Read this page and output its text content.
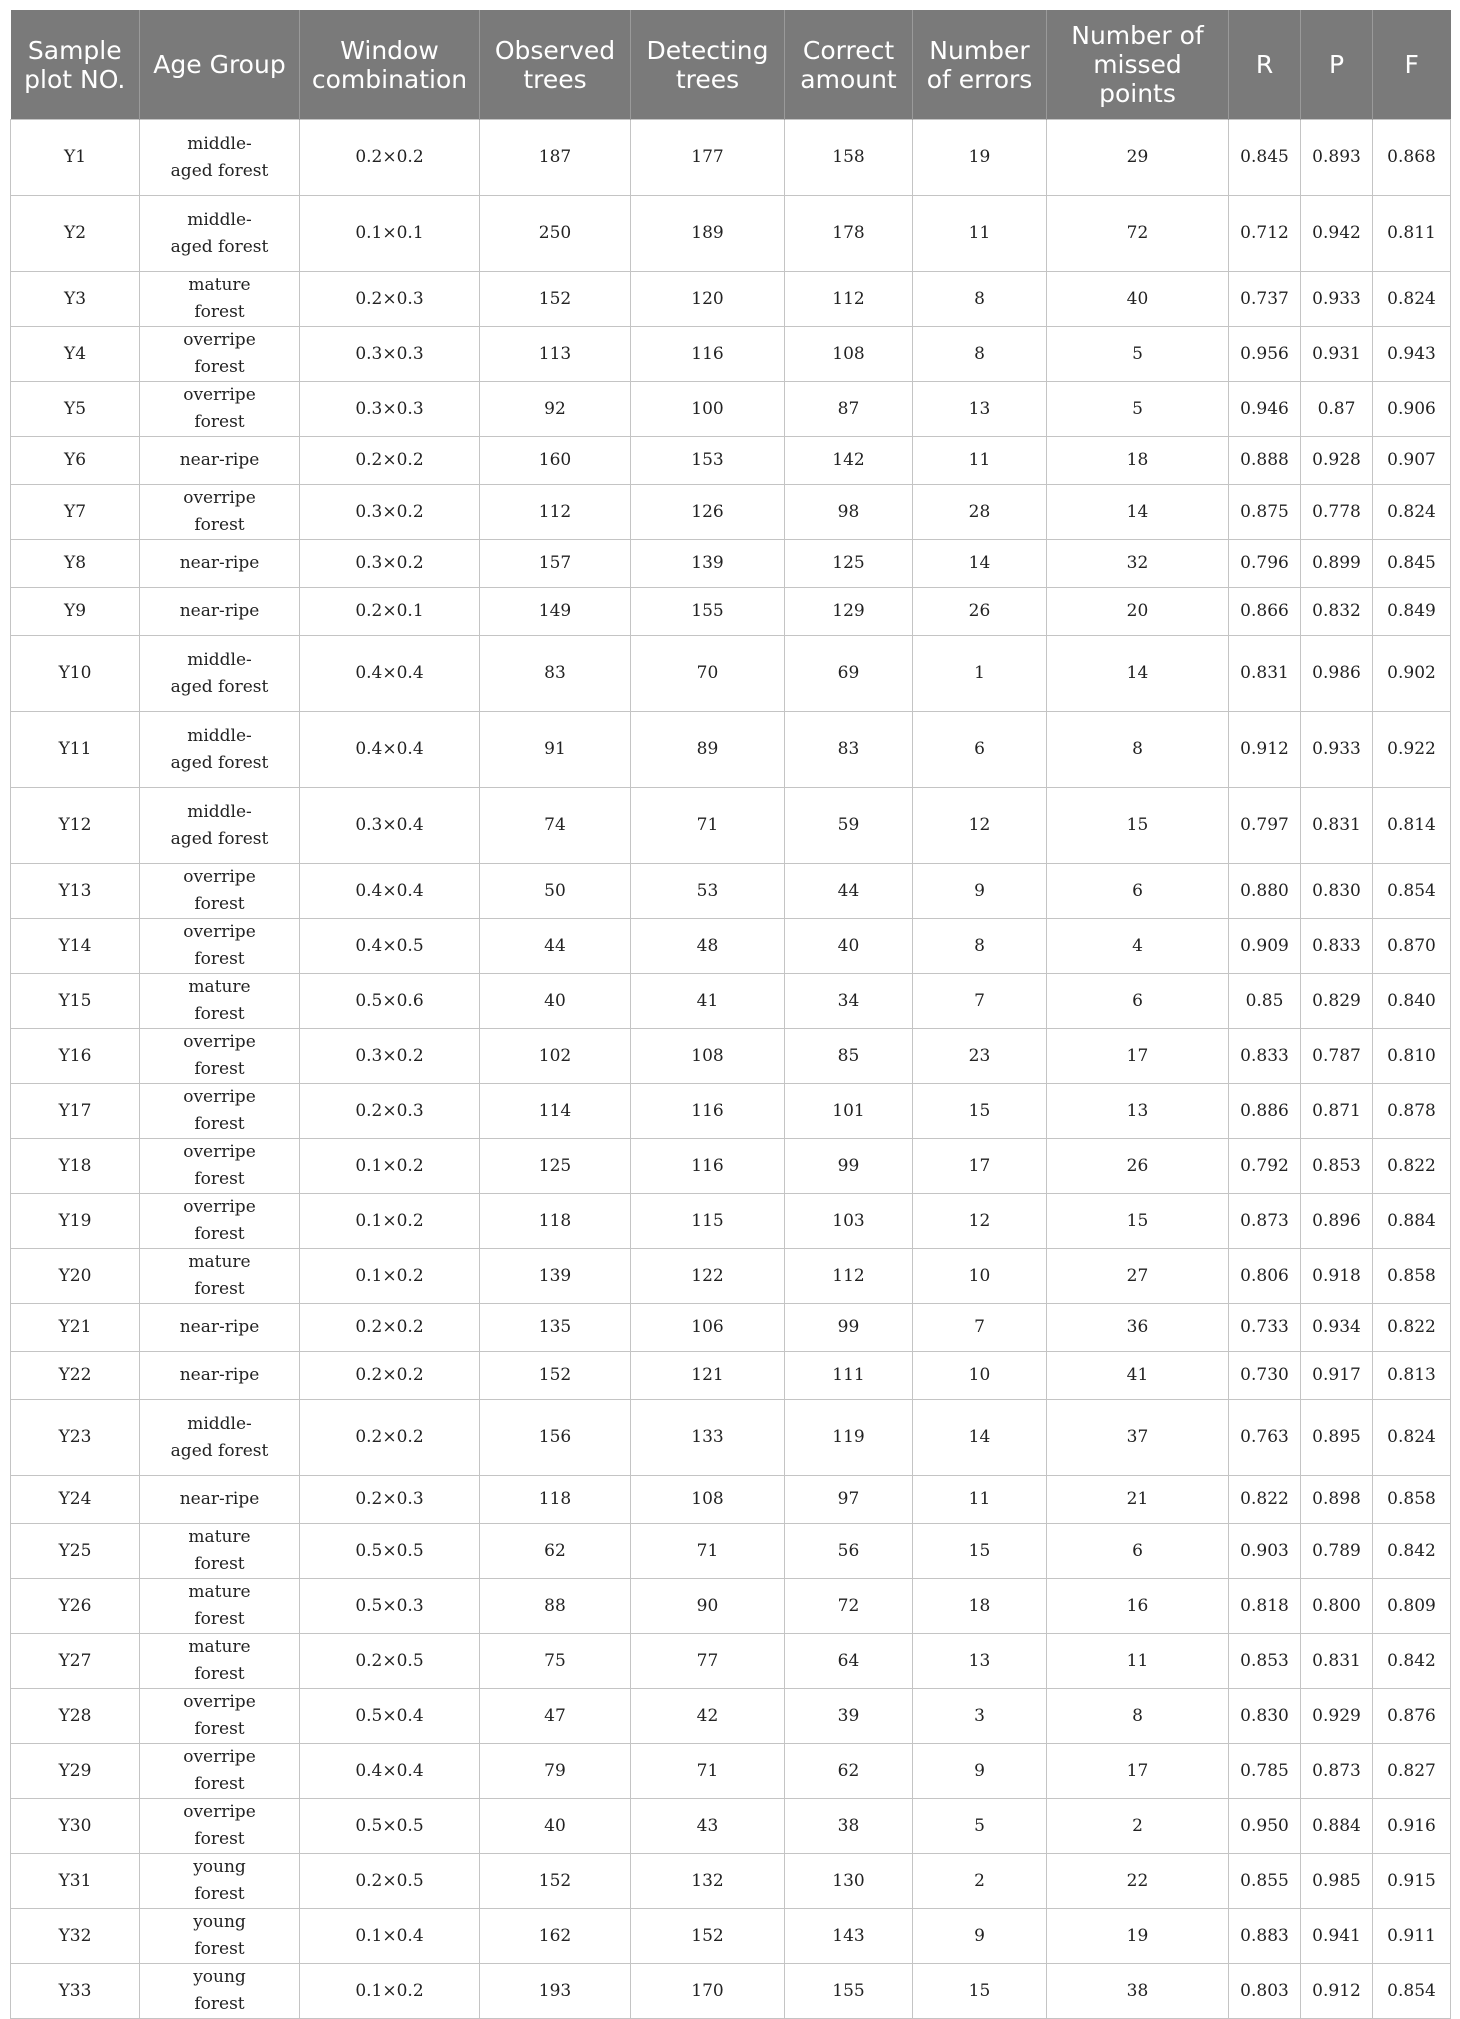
Sample plot NO.	Age Group	Window combination	Observed trees	Detecting trees	Correct amount	Number of errors	Number of missed points	R	P	F
Y1	middle-aged forest	0.2×0.2	187	177	158	19	29	0.845	0.893	0.868
Y2	middle-aged forest	0.1×0.1	250	189	178	11	72	0.712	0.942	0.811
Y3	mature forest	0.2×0.3	152	120	112	8	40	0.737	0.933	0.824
Y4	overripe forest	0.3×0.3	113	116	108	8	5	0.956	0.931	0.943
Y5	overripe forest	0.3×0.3	92	100	87	13	5	0.946	0.87	0.906
Y6	near-ripe	0.2×0.2	160	153	142	11	18	0.888	0.928	0.907
Y7	overripe forest	0.3×0.2	112	126	98	28	14	0.875	0.778	0.824
Y8	near-ripe	0.3×0.2	157	139	125	14	32	0.796	0.899	0.845
Y9	near-ripe	0.2×0.1	149	155	129	26	20	0.866	0.832	0.849
Y10	middle-aged forest	0.4×0.4	83	70	69	1	14	0.831	0.986	0.902
Y11	middle-aged forest	0.4×0.4	91	89	83	6	8	0.912	0.933	0.922
Y12	middle-aged forest	0.3×0.4	74	71	59	12	15	0.797	0.831	0.814
Y13	overripe forest	0.4×0.4	50	53	44	9	6	0.880	0.830	0.854
Y14	overripe forest	0.4×0.5	44	48	40	8	4	0.909	0.833	0.870
Y15	mature forest	0.5×0.6	40	41	34	7	6	0.85	0.829	0.840
Y16	overripe forest	0.3×0.2	102	108	85	23	17	0.833	0.787	0.810
Y17	overripe forest	0.2×0.3	114	116	101	15	13	0.886	0.871	0.878
Y18	overripe forest	0.1×0.2	125	116	99	17	26	0.792	0.853	0.822
Y19	overripe forest	0.1×0.2	118	115	103	12	15	0.873	0.896	0.884
Y20	mature forest	0.1×0.2	139	122	112	10	27	0.806	0.918	0.858
Y21	near-ripe	0.2×0.2	135	106	99	7	36	0.733	0.934	0.822
Y22	near-ripe	0.2×0.2	152	121	111	10	41	0.730	0.917	0.813
Y23	middle-aged forest	0.2×0.2	156	133	119	14	37	0.763	0.895	0.824
Y24	near-ripe	0.2×0.3	118	108	97	11	21	0.822	0.898	0.858
Y25	mature forest	0.5×0.5	62	71	56	15	6	0.903	0.789	0.842
Y26	mature forest	0.5×0.3	88	90	72	18	16	0.818	0.800	0.809
Y27	mature forest	0.2×0.5	75	77	64	13	11	0.853	0.831	0.842
Y28	overripe forest	0.5×0.4	47	42	39	3	8	0.830	0.929	0.876
Y29	overripe forest	0.4×0.4	79	71	62	9	17	0.785	0.873	0.827
Y30	overripe forest	0.5×0.5	40	43	38	5	2	0.950	0.884	0.916
Y31	young forest	0.2×0.5	152	132	130	2	22	0.855	0.985	0.915
Y32	young forest	0.1×0.4	162	152	143	9	19	0.883	0.941	0.911
Y33	young forest	0.1×0.2	193	170	155	15	38	0.803	0.912	0.854
